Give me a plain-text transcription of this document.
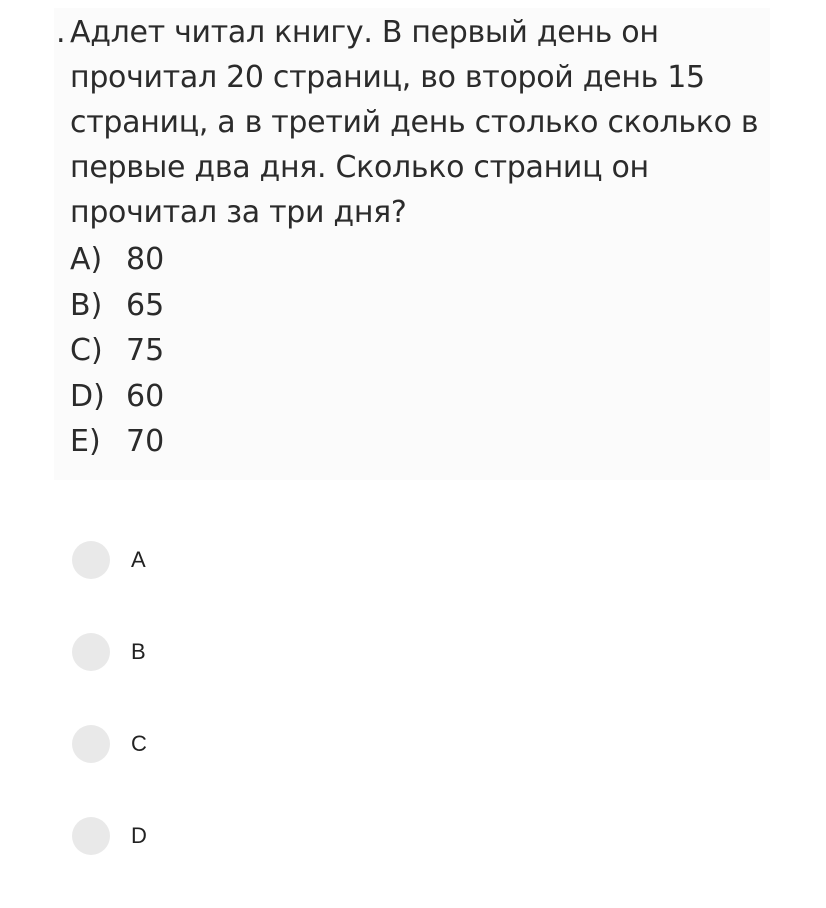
. Адлет читал книгу. В первый день он прочитал 20 страниц, во второй день 15 страниц, а в третий день столько сколько в первые два дня. Сколько страниц он прочитал за три дня?
A) 80
B) 65
C) 75
D) 60
E) 70
A
B
C
D
